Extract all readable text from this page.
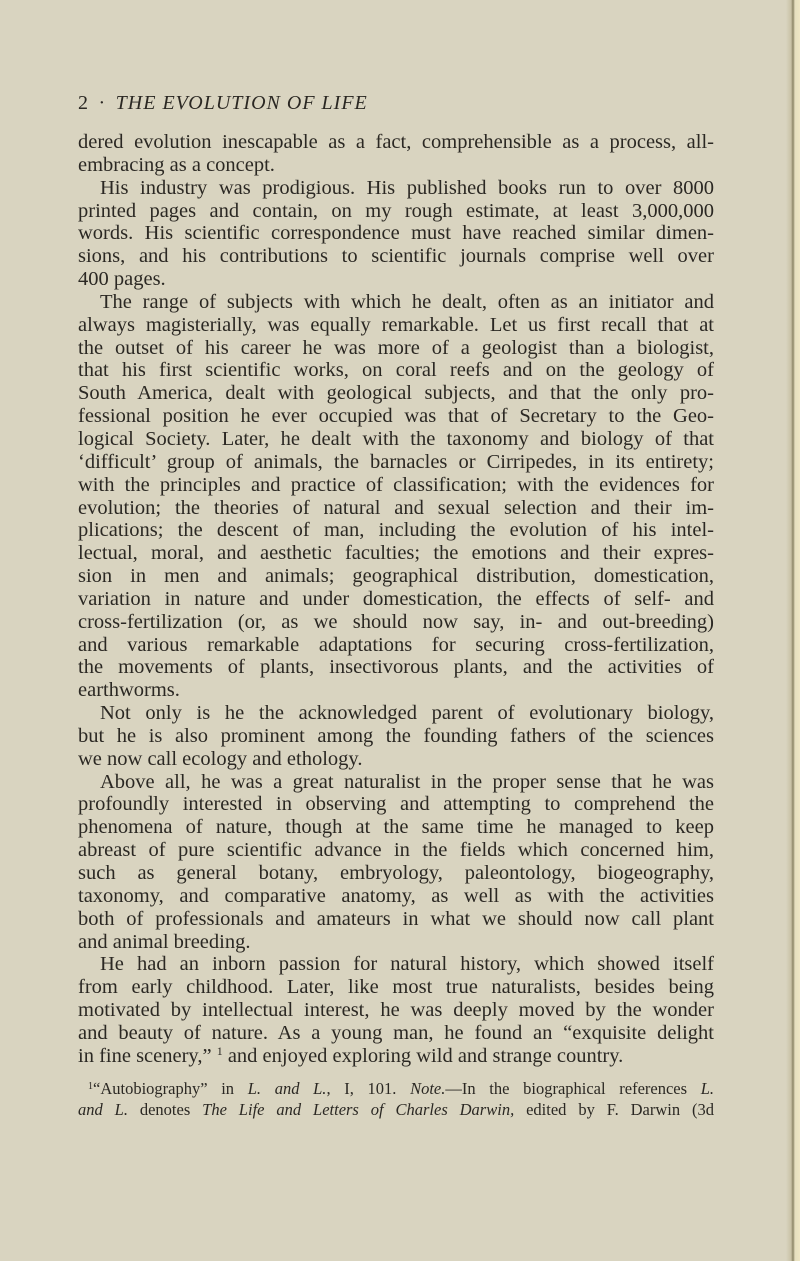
2 · THE EVOLUTION OF LIFE
dered evolution inescapable as a fact, comprehensible as a process, all-
embracing as a concept.
His industry was prodigious. His published books run to over 8000
printed pages and contain, on my rough estimate, at least 3,000,000
words. His scientific correspondence must have reached similar dimen-
sions, and his contributions to scientific journals comprise well over
400 pages.
The range of subjects with which he dealt, often as an initiator and
always magisterially, was equally remarkable. Let us first recall that at
the outset of his career he was more of a geologist than a biologist,
that his first scientific works, on coral reefs and on the geology of
South America, dealt with geological subjects, and that the only pro-
fessional position he ever occupied was that of Secretary to the Geo-
logical Society. Later, he dealt with the taxonomy and biology of that
‘difficult’ group of animals, the barnacles or Cirripedes, in its entirety;
with the principles and practice of classification; with the evidences for
evolution; the theories of natural and sexual selection and their im-
plications; the descent of man, including the evolution of his intel-
lectual, moral, and aesthetic faculties; the emotions and their expres-
sion in men and animals; geographical distribution, domestication,
variation in nature and under domestication, the effects of self- and
cross-fertilization (or, as we should now say, in- and out-breeding)
and various remarkable adaptations for securing cross-fertilization,
the movements of plants, insectivorous plants, and the activities of
earthworms.
Not only is he the acknowledged parent of evolutionary biology,
but he is also prominent among the founding fathers of the sciences
we now call ecology and ethology.
Above all, he was a great naturalist in the proper sense that he was
profoundly interested in observing and attempting to comprehend the
phenomena of nature, though at the same time he managed to keep
abreast of pure scientific advance in the fields which concerned him,
such as general botany, embryology, paleontology, biogeography,
taxonomy, and comparative anatomy, as well as with the activities
both of professionals and amateurs in what we should now call plant
and animal breeding.
He had an inborn passion for natural history, which showed itself
from early childhood. Later, like most true naturalists, besides being
motivated by intellectual interest, he was deeply moved by the wonder
and beauty of nature. As a young man, he found an “exquisite delight
in fine scenery,” $^1$ and enjoyed exploring wild and strange country.
$^1$“Autobiography” in L. and L., I, 101. Note.—In the biographical references L.
and L. denotes The Life and Letters of Charles Darwin, edited by F. Darwin (3d
